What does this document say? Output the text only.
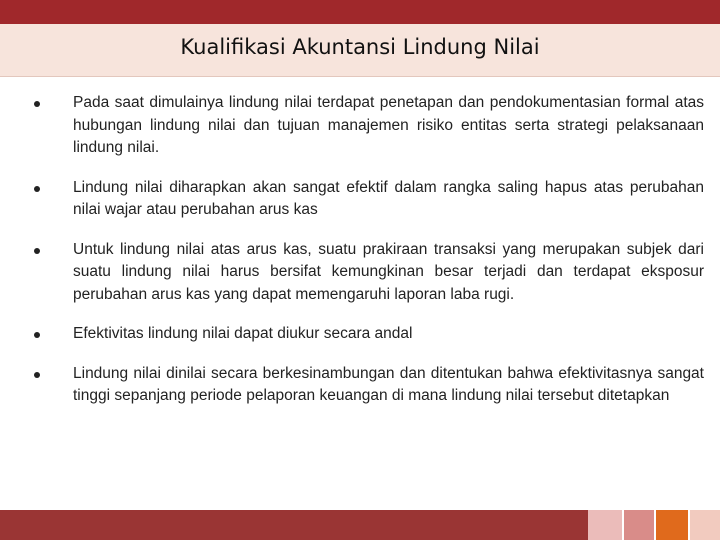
Kualifikasi Akuntansi Lindung Nilai
Pada saat dimulainya lindung nilai terdapat penetapan dan pendokumentasian formal atas hubungan lindung nilai dan tujuan manajemen risiko entitas serta strategi pelaksanaan lindung nilai.
Lindung nilai diharapkan akan sangat efektif dalam rangka saling hapus atas perubahan nilai wajar atau perubahan arus kas
Untuk lindung nilai atas arus kas, suatu prakiraan transaksi yang merupakan subjek dari suatu lindung nilai harus bersifat kemungkinan besar terjadi dan terdapat eksposur perubahan arus kas yang dapat memengaruhi laporan laba rugi.
Efektivitas lindung nilai dapat diukur secara andal
Lindung nilai dinilai secara berkesinambungan dan ditentukan bahwa efektivitasnya sangat tinggi sepanjang periode pelaporan keuangan di mana lindung nilai tersebut ditetapkan
